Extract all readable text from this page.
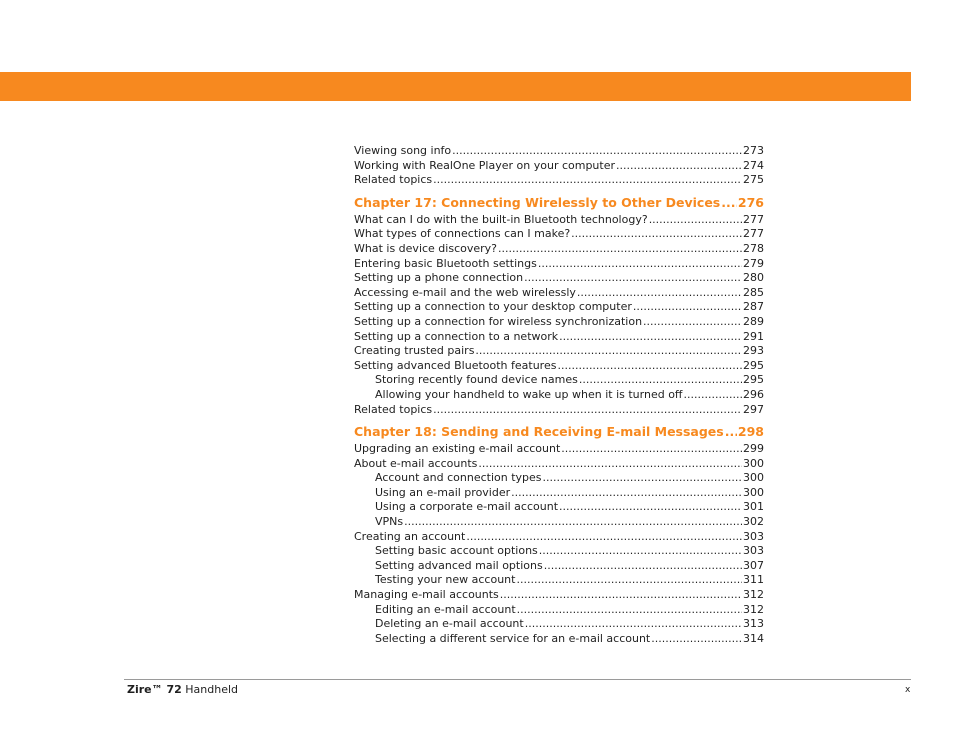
Viewing song info .....	273
Working with RealOne Player on your computer .....	274
Related topics .....	275
Chapter 17: Connecting Wirelessly to Other Devices ..... 276
What can I do with the built-in Bluetooth technology? .....	277
What types of connections can I make? .....	277
What is device discovery? .....	278
Entering basic Bluetooth settings .....	279
Setting up a phone connection .....	280
Accessing e-mail and the web wirelessly .....	285
Setting up a connection to your desktop computer .....	287
Setting up a connection for wireless synchronization .....	289
Setting up a connection to a network .....	291
Creating trusted pairs .....	293
Setting advanced Bluetooth features .....	295
Storing recently found device names .....	295
Allowing your handheld to wake up when it is turned off .....	296
Related topics .....	297
Chapter 18: Sending and Receiving E-mail Messages ..... 298
Upgrading an existing e-mail account .....	299
About e-mail accounts .....	300
Account and connection types .....	300
Using an e-mail provider .....	300
Using a corporate e-mail account .....	301
VPNs .....	302
Creating an account .....	303
Setting basic account options .....	303
Setting advanced mail options .....	307
Testing your new account .....	311
Managing e-mail accounts .....	312
Editing an e-mail account .....	312
Deleting an e-mail account .....	313
Selecting a different service for an e-mail account .....	314
Zire™ 72 Handheld	x
